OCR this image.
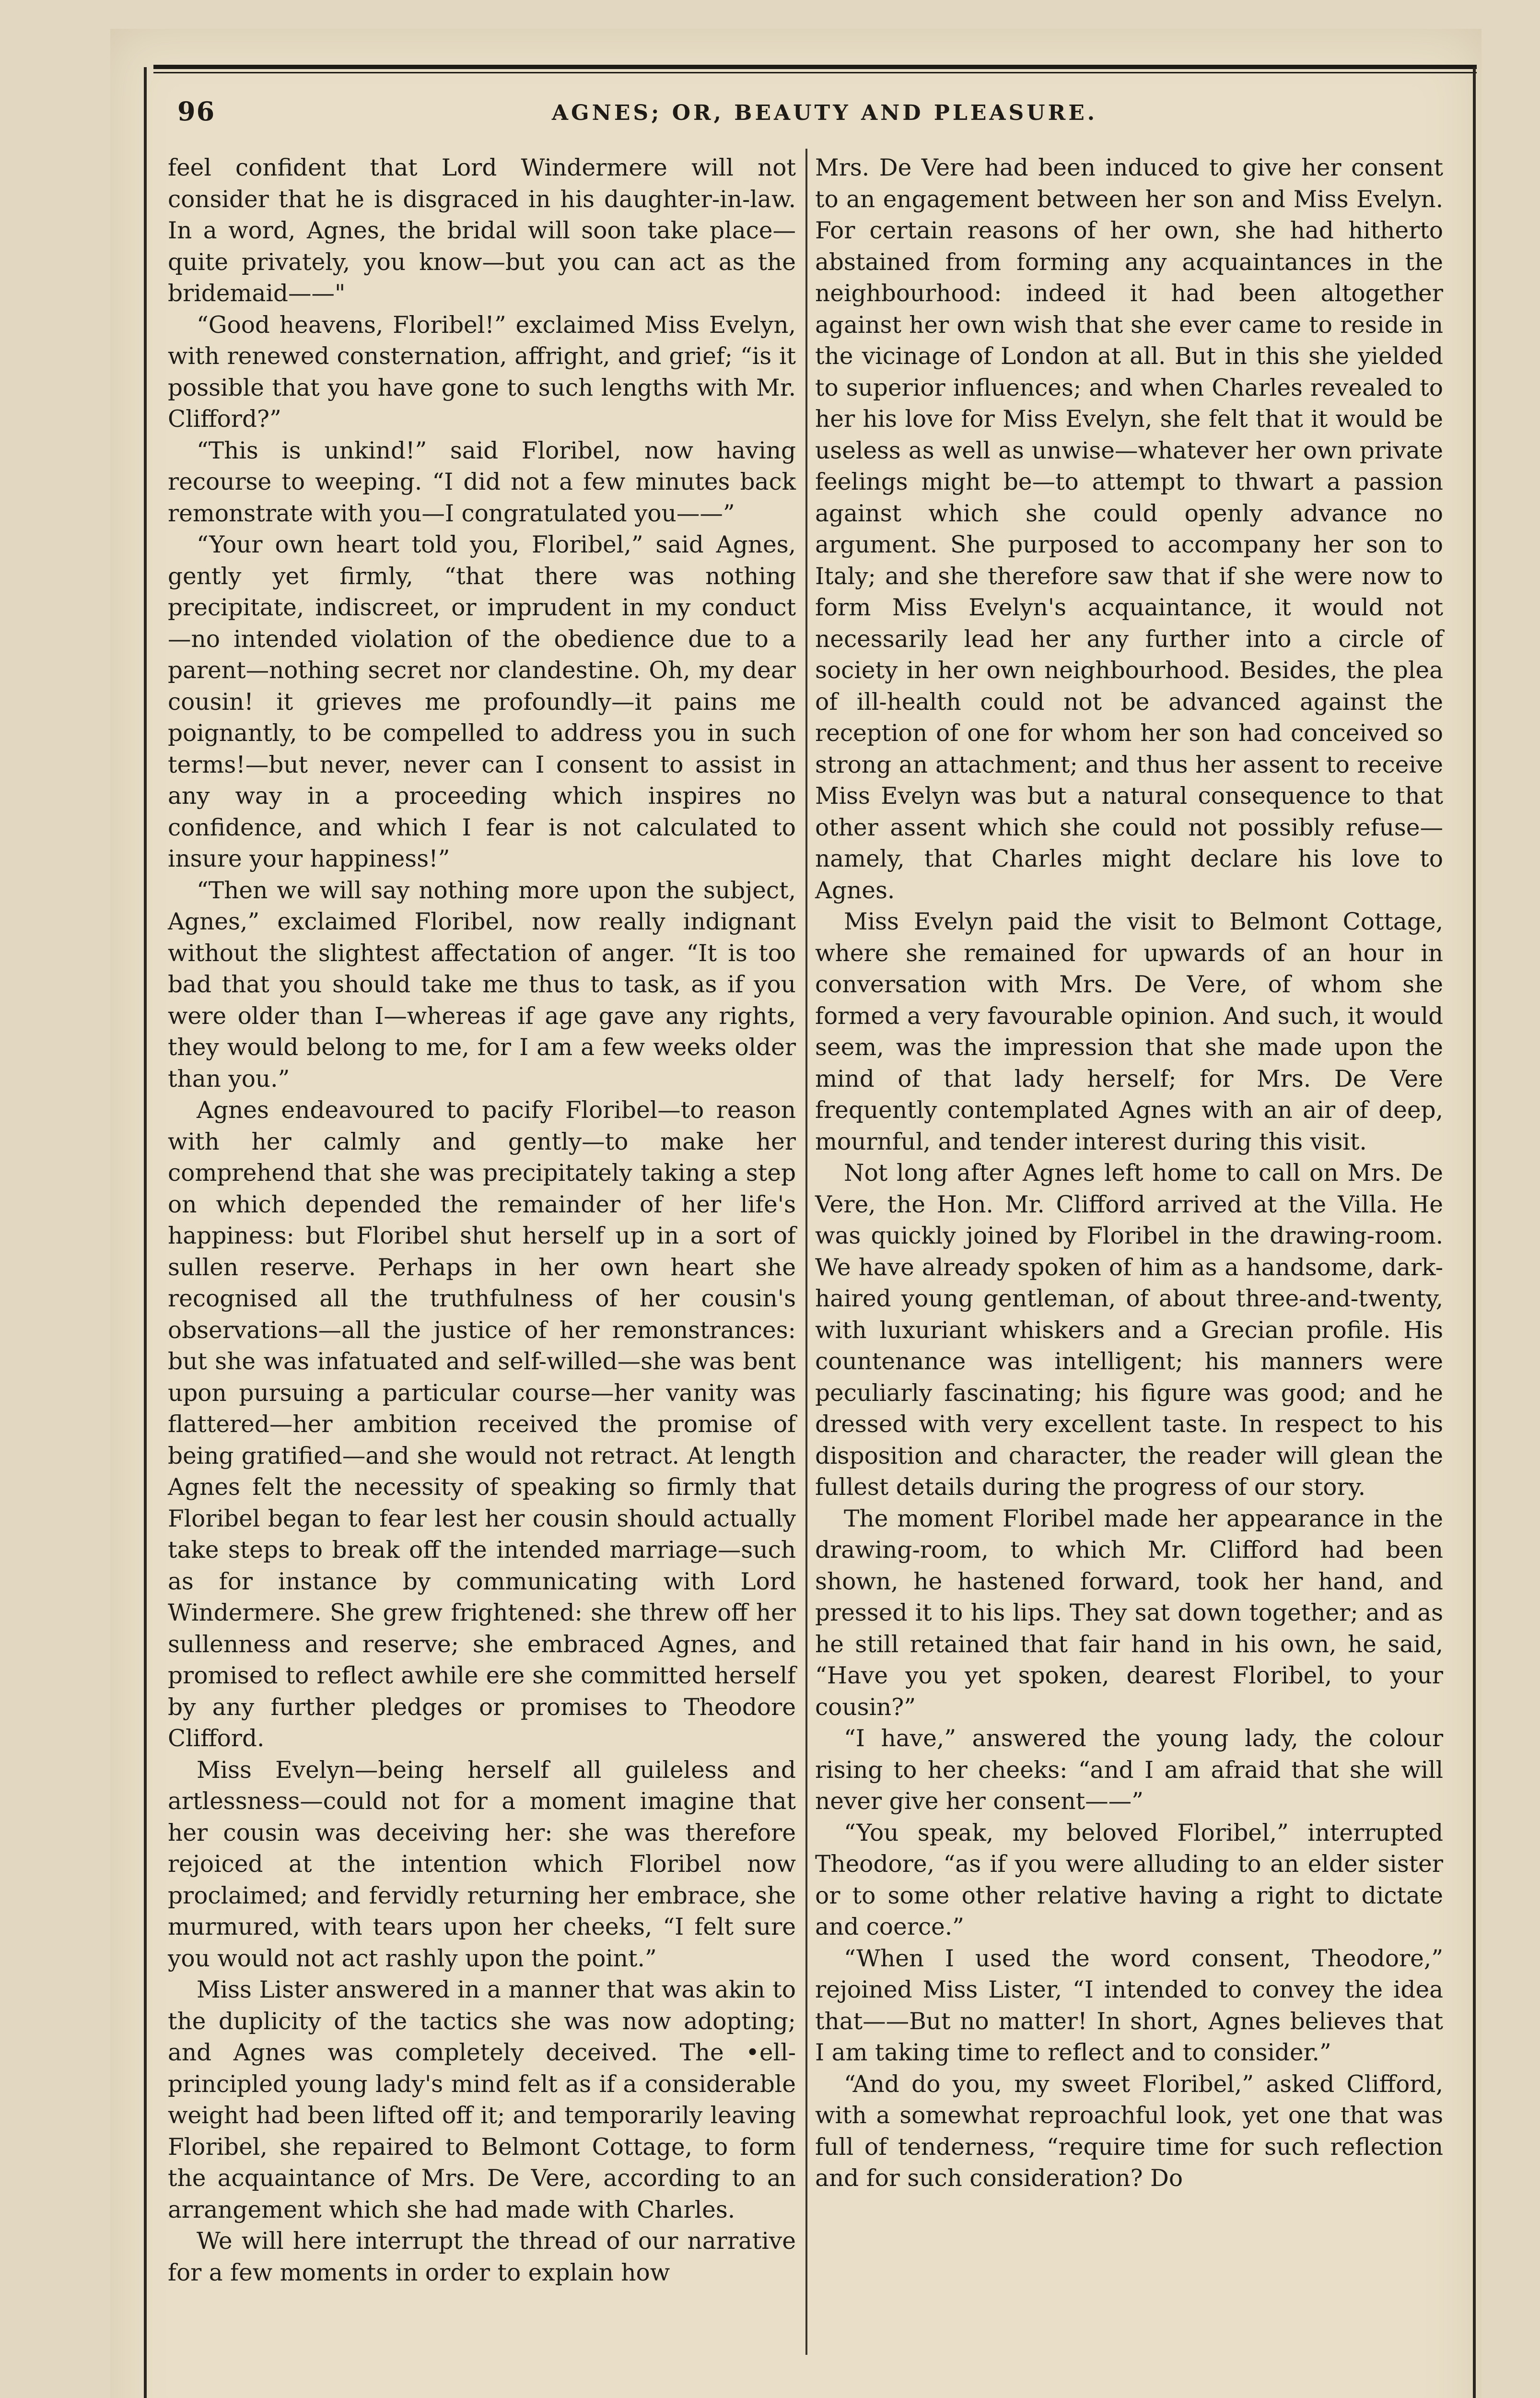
96	AGNES; OR, BEAUTY AND PLEASURE.

feel confident that Lord Windermere will not consider that he is disgraced in his daughter-in-law. In a word, Agnes, the bridal will soon take place—quite privately, you know—but you can act as the bridemaid——"

“Good heavens, Floribel!” exclaimed Miss Evelyn, with renewed consternation, affright, and grief; “is it possible that you have gone to such lengths with Mr. Clifford?”

“This is unkind!” said Floribel, now having recourse to weeping. “I did not a few minutes back remonstrate with you—I congratulated you——”

“Your own heart told you, Floribel,” said Agnes, gently yet firmly, “that there was nothing precipitate, indiscreet, or imprudent in my conduct—no intended violation of the obedience due to a parent—nothing secret nor clandestine. Oh, my dear cousin! it grieves me profoundly—it pains me poignantly, to be compelled to address you in such terms!—but never, never can I consent to assist in any way in a proceeding which inspires no confidence, and which I fear is not calculated to insure your happiness!”

“Then we will say nothing more upon the subject, Agnes,” exclaimed Floribel, now really indignant without the slightest affectation of anger. “It is too bad that you should take me thus to task, as if you were older than I—whereas if age gave any rights, they would belong to me, for I am a few weeks older than you.”

Agnes endeavoured to pacify Floribel—to reason with her calmly and gently—to make her comprehend that she was precipitately taking a step on which depended the remainder of her life's happiness: but Floribel shut herself up in a sort of sullen reserve. Perhaps in her own heart she recognised all the truthfulness of her cousin's observations—all the justice of her remonstrances: but she was infatuated and self-willed—she was bent upon pursuing a particular course—her vanity was flattered—her ambition received the promise of being gratified—and she would not retract. At length Agnes felt the necessity of speaking so firmly that Floribel began to fear lest her cousin should actually take steps to break off the intended marriage—such as for instance by communicating with Lord Windermere. She grew frightened: she threw off her sullenness and reserve; she embraced Agnes, and promised to reflect awhile ere she committed herself by any further pledges or promises to Theodore Clifford.

Miss Evelyn—being herself all guileless and artlessness—could not for a moment imagine that her cousin was deceiving her: she was therefore rejoiced at the intention which Floribel now proclaimed; and fervidly returning her embrace, she murmured, with tears upon her cheeks, “I felt sure you would not act rashly upon the point.”

Miss Lister answered in a manner that was akin to the duplicity of the tactics she was now adopting; and Agnes was completely deceived. The •ell-principled young lady's mind felt as if a considerable weight had been lifted off it; and temporarily leaving Floribel, she repaired to Belmont Cottage, to form the acquaintance of Mrs. De Vere, according to an arrangement which she had made with Charles.

We will here interrupt the thread of our narrative for a few moments in order to explain how

Mrs. De Vere had been induced to give her consent to an engagement between her son and Miss Evelyn. For certain reasons of her own, she had hitherto abstained from forming any acquaintances in the neighbourhood: indeed it had been altogether against her own wish that she ever came to reside in the vicinage of London at all. But in this she yielded to superior influences; and when Charles revealed to her his love for Miss Evelyn, she felt that it would be useless as well as unwise—whatever her own private feelings might be—to attempt to thwart a passion against which she could openly advance no argument. She purposed to accompany her son to Italy; and she therefore saw that if she were now to form Miss Evelyn's acquaintance, it would not necessarily lead her any further into a circle of society in her own neighbourhood. Besides, the plea of ill-health could not be advanced against the reception of one for whom her son had conceived so strong an attachment; and thus her assent to receive Miss Evelyn was but a natural consequence to that other assent which she could not possibly refuse—namely, that Charles might declare his love to Agnes.

Miss Evelyn paid the visit to Belmont Cottage, where she remained for upwards of an hour in conversation with Mrs. De Vere, of whom she formed a very favourable opinion. And such, it would seem, was the impression that she made upon the mind of that lady herself; for Mrs. De Vere frequently contemplated Agnes with an air of deep, mournful, and tender interest during this visit.

Not long after Agnes left home to call on Mrs. De Vere, the Hon. Mr. Clifford arrived at the Villa. He was quickly joined by Floribel in the drawing-room. We have already spoken of him as a handsome, dark-haired young gentleman, of about three-and-twenty, with luxuriant whiskers and a Grecian profile. His countenance was intelligent; his manners were peculiarly fascinating; his figure was good; and he dressed with very excellent taste. In respect to his disposition and character, the reader will glean the fullest details during the progress of our story.

The moment Floribel made her appearance in the drawing-room, to which Mr. Clifford had been shown, he hastened forward, took her hand, and pressed it to his lips. They sat down together; and as he still retained that fair hand in his own, he said, “Have you yet spoken, dearest Floribel, to your cousin?”

“I have,” answered the young lady, the colour rising to her cheeks: “and I am afraid that she will never give her consent——”

“You speak, my beloved Floribel,” interrupted Theodore, “as if you were alluding to an elder sister or to some other relative having a right to dictate and coerce.”

“When I used the word consent, Theodore,” rejoined Miss Lister, “I intended to convey the idea that——But no matter! In short, Agnes believes that I am taking time to reflect and to consider.”

“And do you, my sweet Floribel,” asked Clifford, with a somewhat reproachful look, yet one that was full of tenderness, “require time for such reflection and for such consideration? Do
